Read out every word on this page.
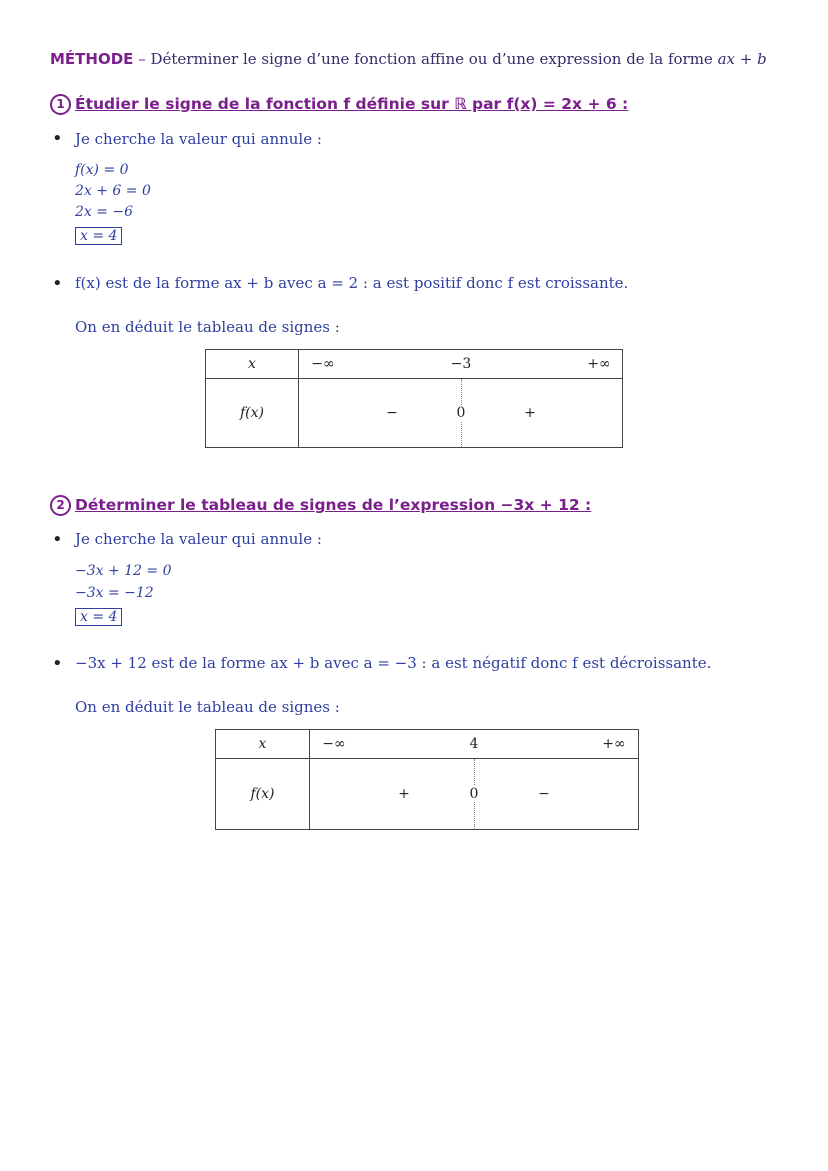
MÉTHODE – Déterminer le signe d’une fonction affine ou d’une expression de la forme ax + b
1 Étudier le signe de la fonction f définie sur ℝ par f(x) = 2x + 6 :
• Je cherche la valeur qui annule :
f(x) = 0
2x + 6 = 0
2x = −6
x = 4
• f(x) est de la forme ax + b avec a = 2 : a est positif donc f est croissante.
On en déduit le tableau de signes :
x	−∞ −3 +∞

f(x)	− 0 +
2 Déterminer le tableau de signes de l’expression −3x + 12 :
• Je cherche la valeur qui annule :
−3x + 12 = 0
−3x = −12
x = 4
• −3x + 12 est de la forme ax + b avec a = −3 : a est négatif donc f est décroissante.
On en déduit le tableau de signes :
x	−∞ 4 +∞

f(x)	+ 0 −
